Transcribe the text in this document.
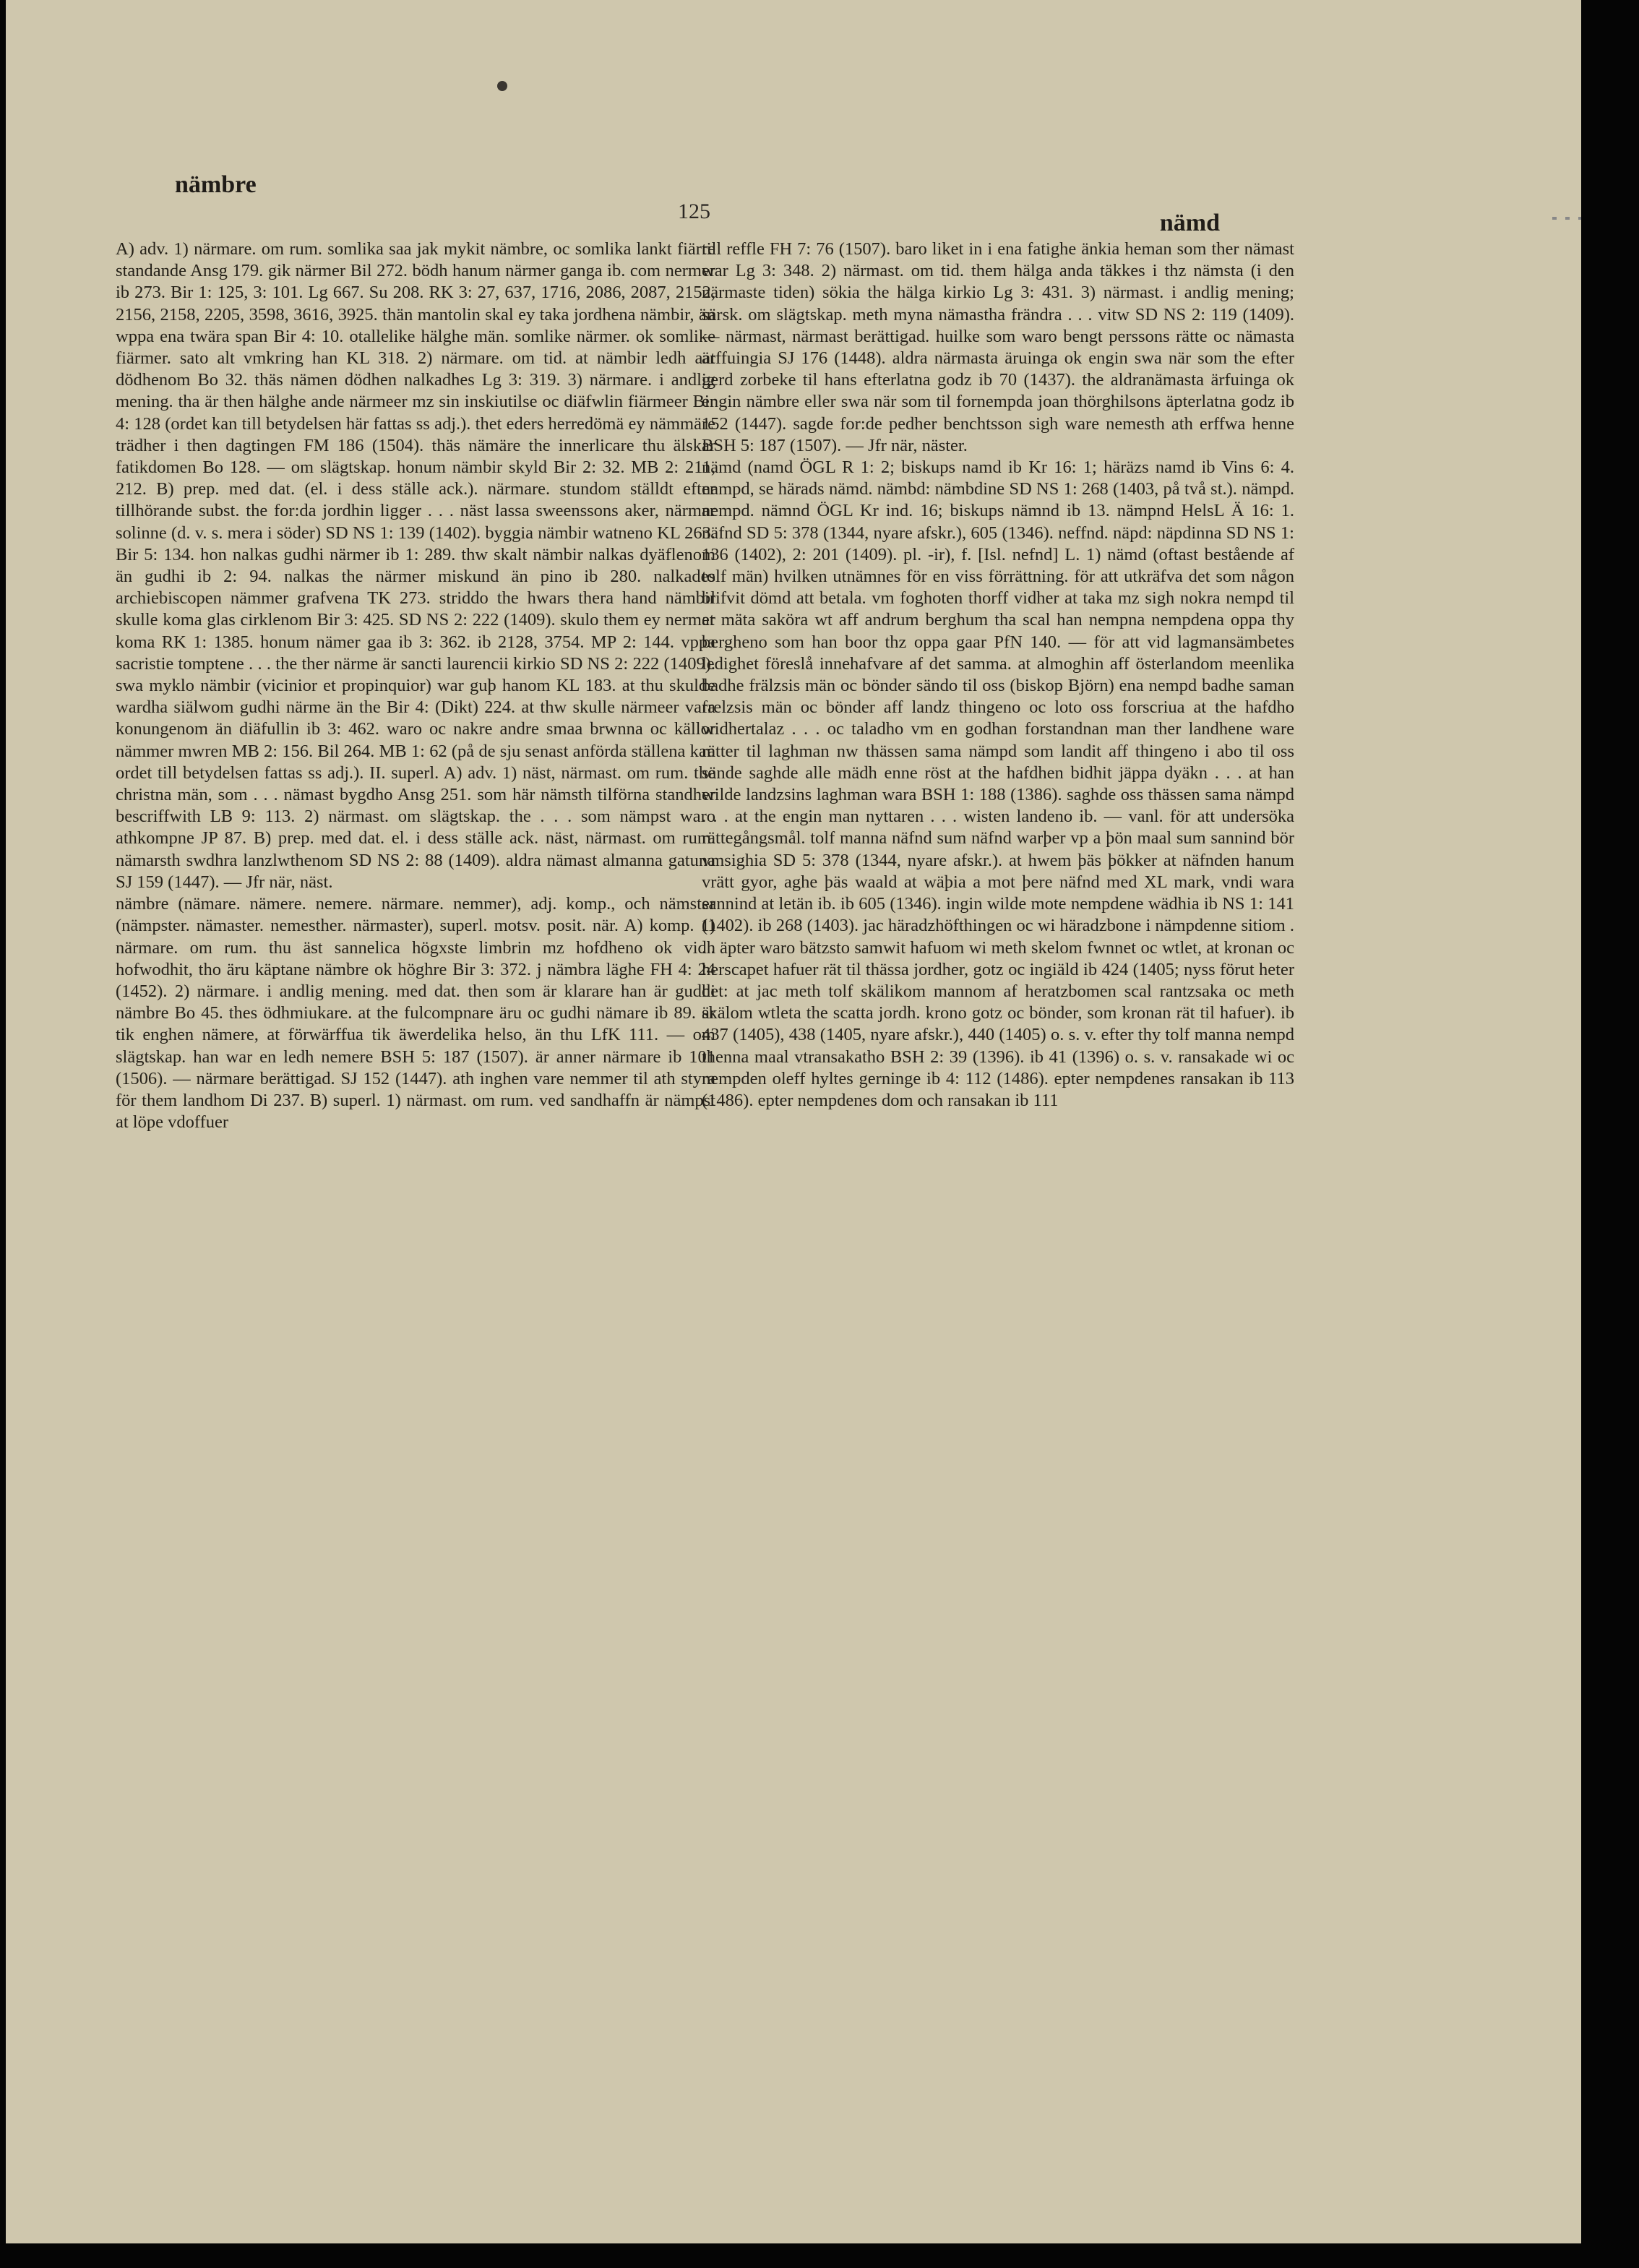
nämbre
125	nämd

A) adv. 1) närmare. om rum. somlika saa jak mykit nämbre, oc somlika lankt fiärre standande Ansg 179. gik närmer Bil 272. bödh hanum närmer ganga ib. com nermer ib 273. Bir 1: 125, 3: 101. Lg 667. Su 208. RK 3: 27, 637, 1716, 2086, 2087, 2152, 2156, 2158, 2205, 3598, 3616, 3925. thän mantolin skal ey taka jordhena nämbir, än wppa ena twära span Bir 4: 10. otallelike hälghe män. somlike närmer. ok somlike fiärmer. sato alt vmkring han KL 318. 2) närmare. om tid. at nämbir ledh aat dödhenom Bo 32. thäs nämen dödhen nalkadhes Lg 3: 319. 3) närmare. i andlig mening. tha är then hälghe ande närmeer mz sin inskiutilse oc diäfwlin fiärmeer Bir 4: 128 (ordet kan till betydelsen här fattas ss adj.). thet eders herredömä ey nämmäre trädher i then dagtingen FM 186 (1504). thäs nämäre the innerlicare thu älskar fatikdomen Bo 128. — om slägtskap. honum nämbir skyld Bir 2: 32. MB 2: 211, 212. B) prep. med dat. (el. i dess ställe ack.). närmare. stundom ställdt efter tillhörande subst. the for:da jordhin ligger . . . näst lassa sweenssons aker, närmar solinne (d. v. s. mera i söder) SD NS 1: 139 (1402). byggia nämbir watneno KL 263. Bir 5: 134. hon nalkas gudhi närmer ib 1: 289. thw skalt nämbir nalkas dyäflenom än gudhi ib 2: 94. nalkas the närmer miskund än pino ib 280. nalkades archiebiscopen nämmer grafvena TK 273. striddo the hwars thera hand nämbir skulle koma glas cirklenom Bir 3: 425. SD NS 2: 222 (1409). skulo them ey nermer koma RK 1: 1385. honum nämer gaa ib 3: 362. ib 2128, 3754. MP 2: 144. vppa sacristie tomptene . . . the ther närme är sancti laurencii kirkio SD NS 2: 222 (1409). swa myklo nämbir (vicinior et propinquior) war guþ hanom KL 183. at thu skulde wardha siälwom gudhi närme än the Bir 4: (Dikt) 224. at thw skulle närmeer vara konungenom än diäfullin ib 3: 462. waro oc nakre andre smaa brwnna oc källor nämmer mwren MB 2: 156. Bil 264. MB 1: 62 (på de sju senast anförda ställena kan ordet till betydelsen fattas ss adj.). II. superl. A) adv. 1) näst, närmast. om rum. the christna män, som . . . nämast bygdho Ansg 251. som här nämsth tilförna standher bescriffwith LB 9: 113. 2) närmast. om slägtskap. the . . . som nämpst waro athkompne JP 87. B) prep. med dat. el. i dess ställe ack. näst, närmast. om rum. nämarsth swdhra lanzlwthenom SD NS 2: 88 (1409). aldra nämast almanna gatuna SJ 159 (1447). — Jfr när, näst.

nämbre (nämare. nämere. nemere. närmare. nemmer), adj. komp., och nämster (nämpster. nämaster. nemesther. närmaster), superl. motsv. posit. när. A) komp. 1) närmare. om rum. thu äst sannelica högxste limbrin mz hofdheno ok vidh hofwodhit, tho äru käptane nämbre ok höghre Bir 3: 372. j nämbra läghe FH 4: 24 (1452). 2) närmare. i andlig mening. med dat. then som är klarare han är gudhi nämbre Bo 45. thes ödhmiukare. at the fulcompnare äru oc gudhi nämare ib 89. är tik enghen nämere, at förwärffua tik äwerdelika helso, än thu LfK 111. — om slägtskap. han war en ledh nemere BSH 5: 187 (1507). är anner närmare ib 101 (1506). — närmare berättigad. SJ 152 (1447). ath inghen vare nemmer til ath styra för them landhom Di 237. B) superl. 1) närmast. om rum. ved sandhaffn är nämpst at löpe vdoffuer

till reffle FH 7: 76 (1507). baro liket in i ena fatighe änkia heman som ther nämast war Lg 3: 348. 2) närmast. om tid. them hälga anda täkkes i thz nämsta (i den närmaste tiden) sökia the hälga kirkio Lg 3: 431. 3) närmast. i andlig mening; särsk. om slägtskap. meth myna nämastha frändra . . . vitw SD NS 2: 119 (1409). — närmast, närmast berättigad. huilke som waro bengt perssons rätte oc nämasta ärffuingia SJ 176 (1448). aldra närmasta äruinga ok engin swa när som the efter gerd zorbeke til hans efterlatna godz ib 70 (1437). the aldranämasta ärfuinga ok engin nämbre eller swa när som til fornempda joan thörghilsons äpterlatna godz ib 152 (1447). sagde for:de pedher benchtsson sigh ware nemesth ath erffwa henne BSH 5: 187 (1507). — Jfr när, näster.

nämd (namd ÖGL R 1: 2; biskups namd ib Kr 16: 1; häräzs namd ib Vins 6: 4. nampd, se härads nämd. nämbd: nämbdine SD NS 1: 268 (1403, på två st.). nämpd. nempd. nämnd ÖGL Kr ind. 16; biskups nämnd ib 13. nämpnd HelsL Ä 16: 1. näfnd SD 5: 378 (1344, nyare afskr.), 605 (1346). neffnd. näpd: näpdinna SD NS 1: 136 (1402), 2: 201 (1409). pl. -ir), f. [Isl. nefnd] L. 1) nämd (oftast bestående af tolf män) hvilken utnämnes för en viss förrättning. för att utkräfva det som någon blifvit dömd att betala. vm foghoten thorff vidher at taka mz sigh nokra nempd til at mäta saköra wt aff andrum berghum tha scal han nempna nempdena oppa thy bergheno som han boor thz oppa gaar PfN 140. — för att vid lagmansämbetes ledighet föreslå innehafvare af det samma. at almoghin aff österlandom meenlika badhe frälzsis män oc bönder sändo til oss (biskop Björn) ena nempd badhe saman frelzsis män oc bönder aff landz thingeno oc loto oss forscriua at the hafdho widhertalaz . . . oc taladho vm en godhan forstandnan man ther landhene ware rätter til laghman nw thässen sama nämpd som landit aff thingeno i abo til oss sände saghde alle mädh enne röst at the hafdhen bidhit jäppa dyäkn . . . at han wilde landzsins laghman wara BSH 1: 188 (1386). saghde oss thässen sama nämpd . . . at the engin man nyttaren . . . wisten landeno ib. — vanl. för att undersöka rättegångsmål. tolf manna näfnd sum näfnd warþer vp a þön maal sum sannind bör vmsighia SD 5: 378 (1344, nyare afskr.). at hwem þäs þökker at näfnden hanum vrätt gyor, aghe þäs waald at wäþia a mot þere näfnd med XL mark, vndi wara sannind at letän ib. ib 605 (1346). ingin wilde mote nempdene wädhia ib NS 1: 141 (1402). ib 268 (1403). jac häradzhöfthingen oc wi häradzbone i nämpdenne sitiom . . . äpter waro bätzsto samwit hafuom wi meth skelom fwnnet oc wtlet, at kronan oc herscapet hafuer rät til thässa jordher, gotz oc ingiäld ib 424 (1405; nyss förut heter det: at jac meth tolf skälikom mannom af heratzbomen scal rantzsaka oc meth skälom wtleta the scatta jordh. krono gotz oc bönder, som kronan rät til hafuer). ib 437 (1405), 438 (1405, nyare afskr.), 440 (1405) o. s. v. efter thy tolf manna nempd thenna maal vtransakatho BSH 2: 39 (1396). ib 41 (1396) o. s. v. ransakade wi oc nempden oleff hyltes gerninge ib 4: 112 (1486). epter nempdenes ransakan ib 113 (1486). epter nempdenes dom och ransakan ib 111
